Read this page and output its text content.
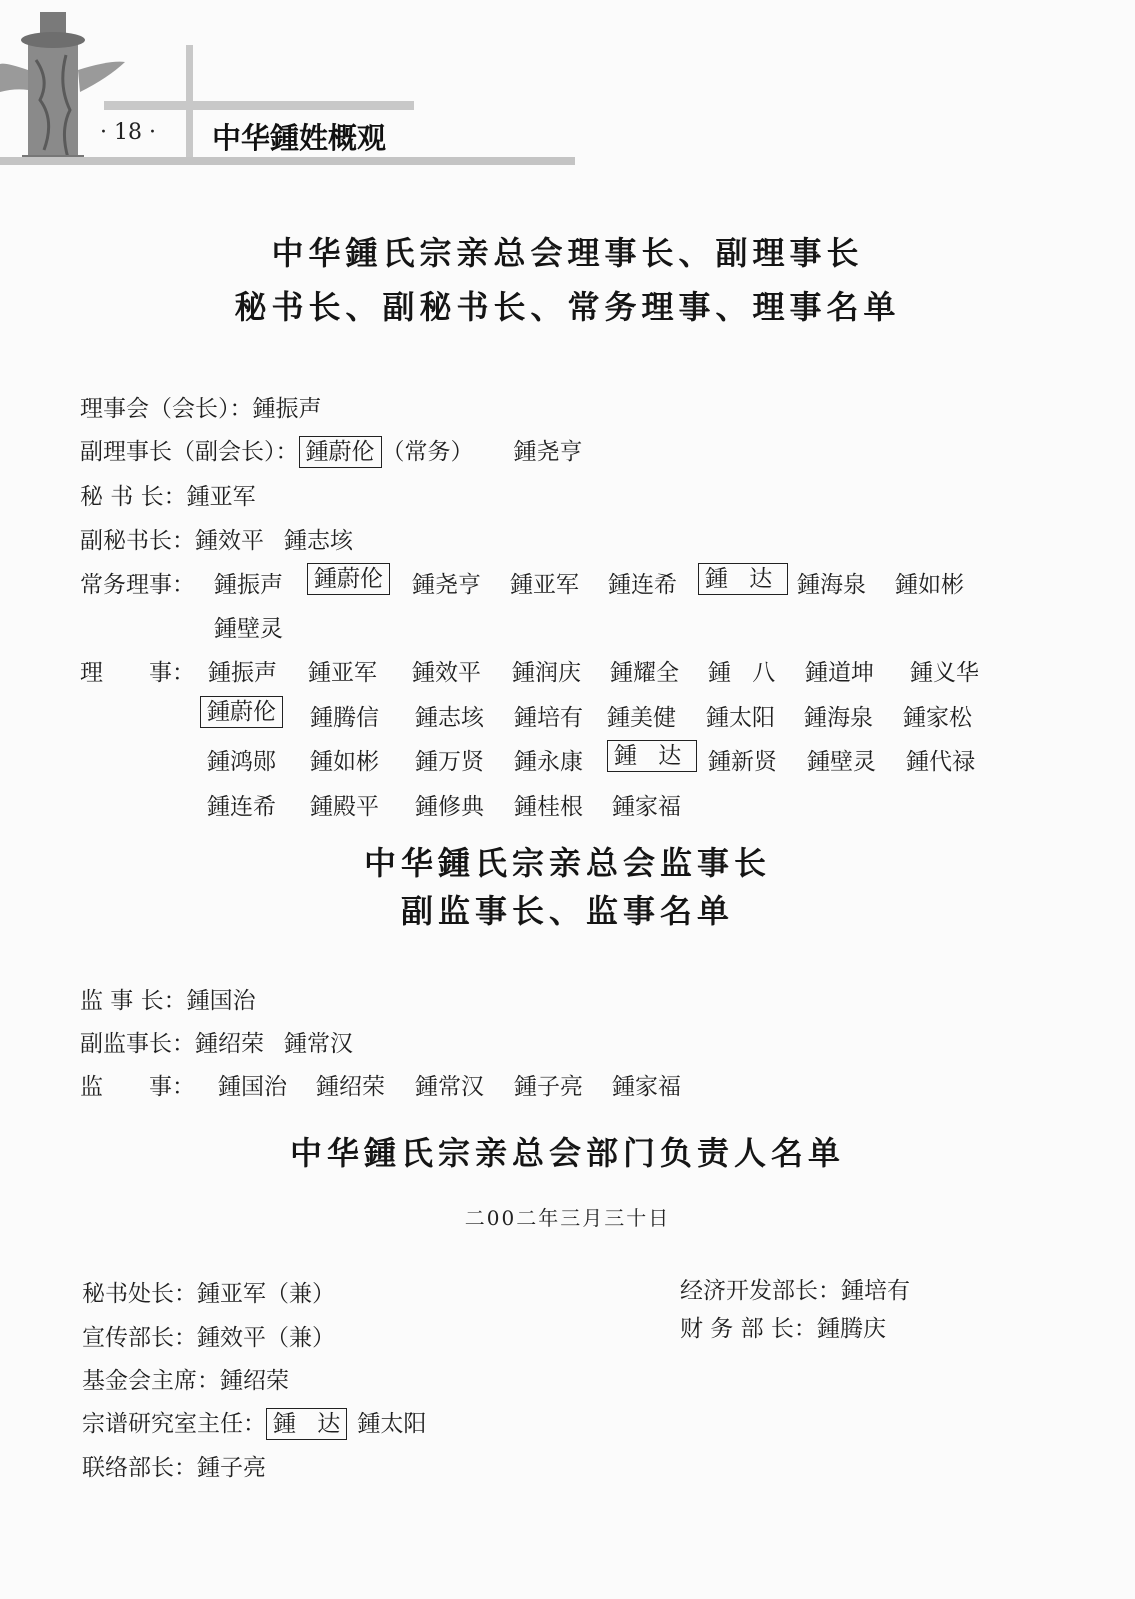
· 18 · 中华鍾姓概观
中华鍾氏宗亲总会理事长、副理事长
秘书长、副秘书长、常务理事、理事名单
理事会（会长）：鍾振声
副理事长（副会长）： 鍾蔚伦 （常务） 鍾尧亨
秘 书 长：鍾亚军
副秘书长：鍾效平 鍾志垓
常务理事： 鍾振声	鍾蔚伦	鍾尧亨 鍾亚军 鍾连希	鍾 达	鍾海泉 鍾如彬
鍾壁灵
理　　事： 鍾振声 鍾亚军 鍾效平 鍾润庆 鍾耀全 鍾 八 鍾道坤 鍾义华
鍾蔚伦	鍾腾信 鍾志垓 鍾培有 鍾美健 鍾太阳 鍾海泉 鍾家松
鍾鸿郧 鍾如彬 鍾万贤 鍾永康	鍾 达	鍾新贤 鍾壁灵 鍾代禄
鍾连希 鍾殿平 鍾修典 鍾桂根 鍾家福
中华鍾氏宗亲总会监事长
副监事长、监事名单
监 事 长：鍾国治
副监事长：鍾绍荣 鍾常汉
监　　事： 鍾国治 鍾绍荣 鍾常汉 鍾子亮 鍾家福
中华鍾氏宗亲总会部门负责人名单
二00二年三月三十日
秘书处长：鍾亚军（兼）
宣传部长：鍾效平（兼）
基金会主席：鍾绍荣
宗谱研究室主任： 鍾 达 鍾太阳
联络部长：鍾子亮
经济开发部长：鍾培有
财 务 部 长：鍾腾庆
